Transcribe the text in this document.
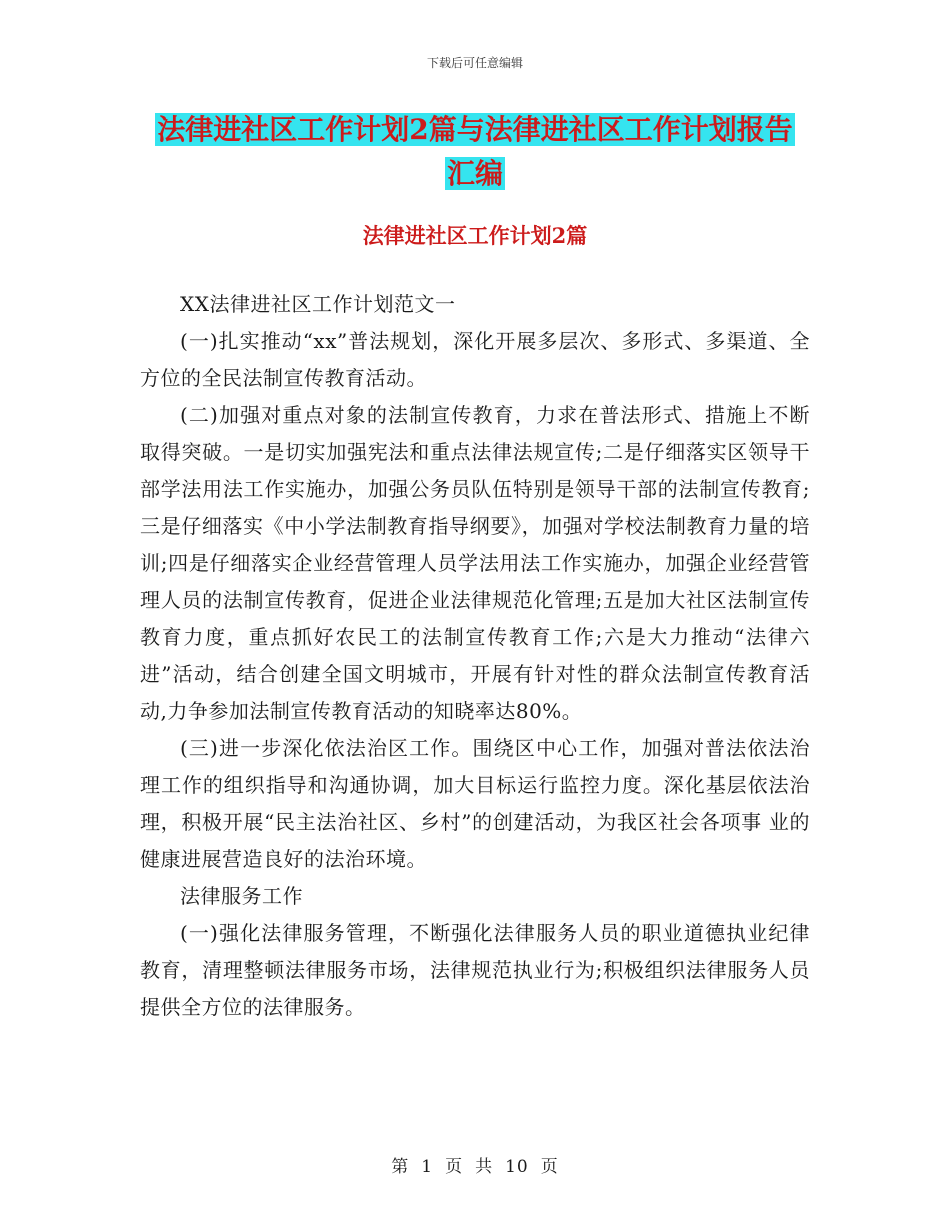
下载后可任意编辑
法律进社区工作计划2篇与法律进社区工作计划报告
汇编
法律进社区工作计划2篇

XX法律进社区工作计划范文一

(一)扎实推动“xx”普法规划，深化开展多层次、多形式、多渠道、全方位的全民法制宣传教育活动。

(二)加强对重点对象的法制宣传教育，力求在普法形式、措施上不断取得突破。一是切实加强宪法和重点法律法规宣传;二是仔细落实区领导干部学法用法工作实施办，加强公务员队伍特别是领导干部的法制宣传教育;三是仔细落实《中小学法制教育指导纲要》，加强对学校法制教育力量的培训;四是仔细落实企业经营管理人员学法用法工作实施办，加强企业经营管理人员的法制宣传教育，促进企业法律规范化管理;五是加大社区法制宣传教育力度，重点抓好农民工的法制宣传教育工作;六是大力推动“法律六进”活动，结合创建全国文明城市，开展有针对性的群众法制宣传教育活动,力争参加法制宣传教育活动的知晓率达80%。

(三)进一步深化依法治区工作。围绕区中心工作，加强对普法依法治理工作的组织指导和沟通协调，加大目标运行监控力度。深化基层依法治理，积极开展“民主法治社区、乡村”的创建活动，为我区社会各项事 业的健康进展营造良好的法治环境。

法律服务工作

(一)强化法律服务管理，不断强化法律服务人员的职业道德执业纪律教育，清理整顿法律服务市场，法律规范执业行为;积极组织法律服务人员提供全方位的法律服务。

第 1 页 共 10 页
